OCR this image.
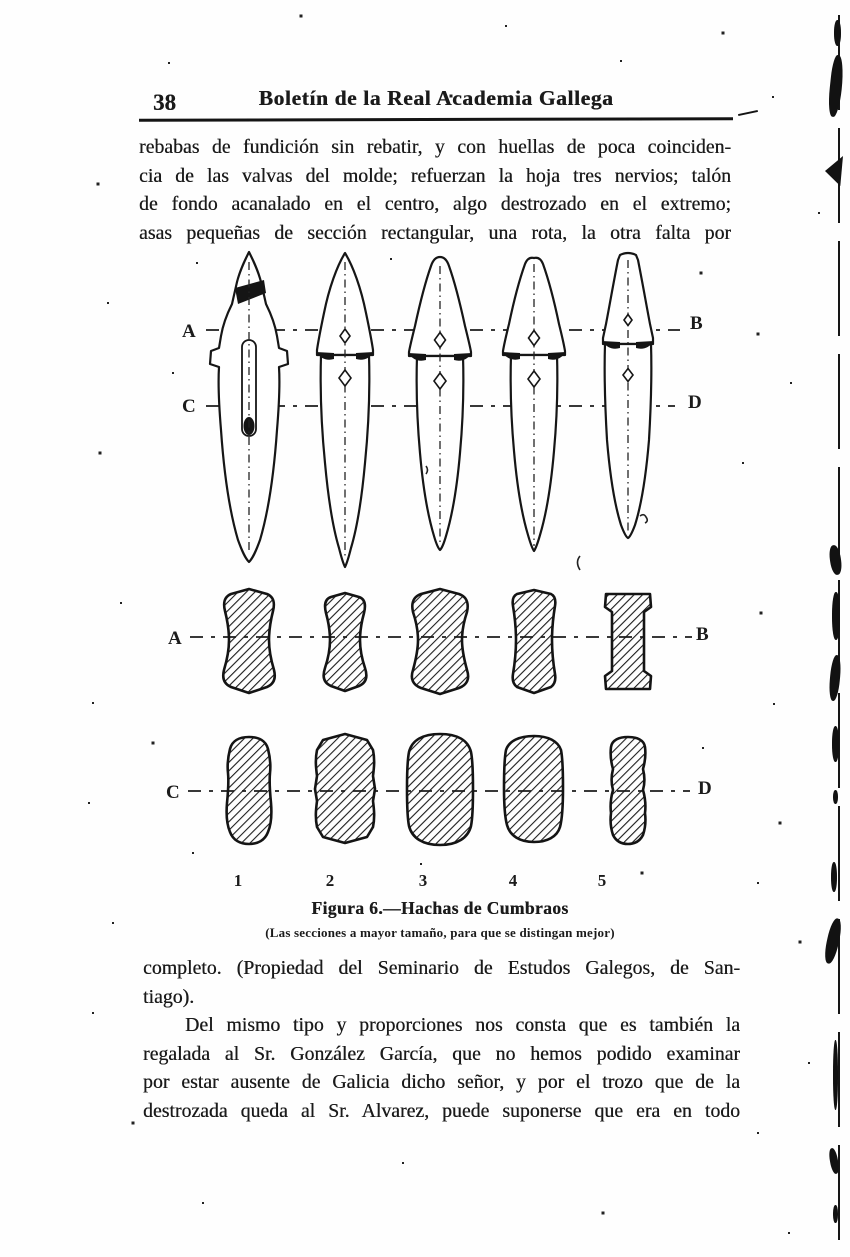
38	Boletín de la Real Academia Gallega
rebabas de fundición sin rebatir, y con huellas de poca coinciden-
cia de las valvas del molde; refuerzan la hoja tres nervios; talón
de fondo acanalado en el centro, algo destrozado en el extremo;
asas pequeñas de sección rectangular, una rota, la otra falta por
A	B
C	D
A	B
C	D
1	2	3	4	5
Figura 6.—Hachas de Cumbraos
(Las secciones a mayor tamaño, para que se distingan mejor)
completo. (Propiedad del Seminario de Estudos Galegos, de San-
tiago).
Del mismo tipo y proporciones nos consta que es también la
regalada al Sr. González García, que no hemos podido examinar
por estar ausente de Galicia dicho señor, y por el trozo que de la
destrozada queda al Sr. Alvarez, puede suponerse que era en todo
